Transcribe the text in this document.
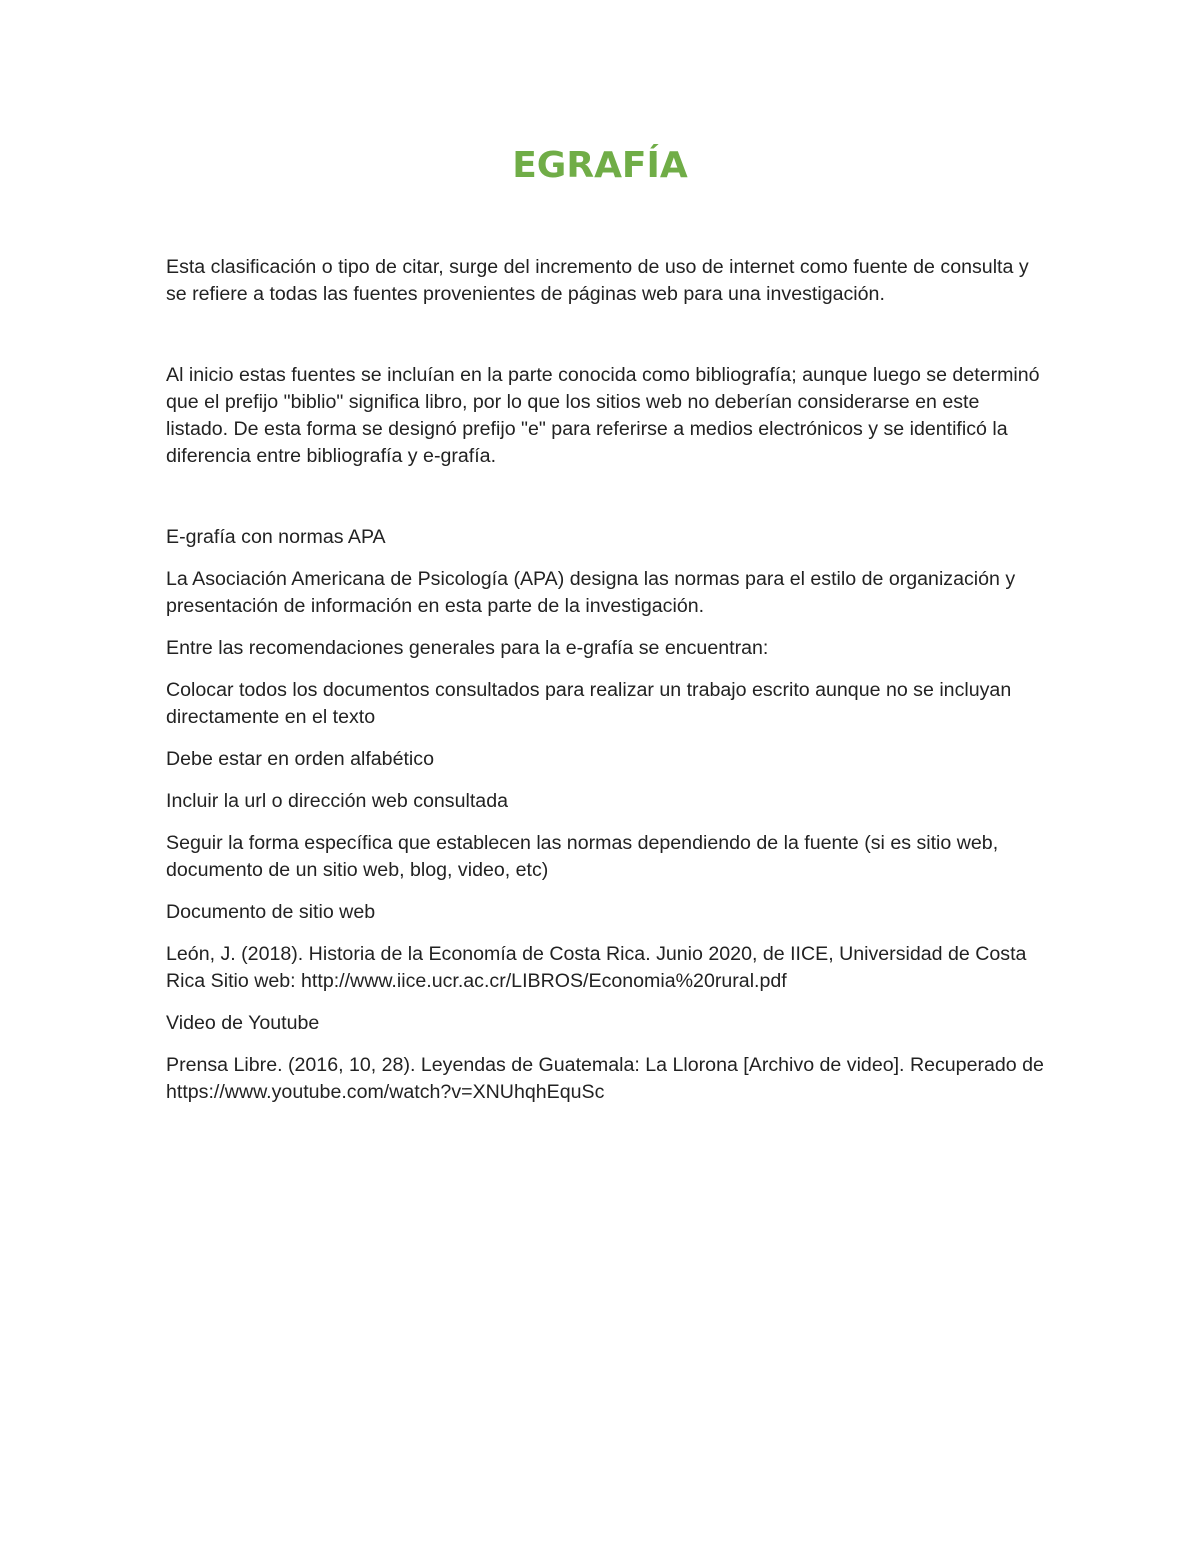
EGRAFÍA

Esta clasificación o tipo de citar, surge del incremento de uso de internet como fuente de consulta y se refiere a todas las fuentes provenientes de páginas web para una investigación.

Al inicio estas fuentes se incluían en la parte conocida como bibliografía; aunque luego se determinó que el prefijo "biblio" significa libro, por lo que los sitios web no deberían considerarse en este listado. De esta forma se designó prefijo "e" para referirse a medios electrónicos y se identificó la diferencia entre bibliografía y e-grafía.

E-grafía con normas APA

La Asociación Americana de Psicología (APA) designa las normas para el estilo de organización y presentación de información en esta parte de la investigación.

Entre las recomendaciones generales para la e-grafía se encuentran:

Colocar todos los documentos consultados para realizar un trabajo escrito aunque no se incluyan directamente en el texto

Debe estar en orden alfabético

Incluir la url o dirección web consultada

Seguir la forma específica que establecen las normas dependiendo de la fuente (si es sitio web, documento de un sitio web, blog, video, etc)

Documento de sitio web

León, J. (2018). Historia de la Economía de Costa Rica. Junio 2020, de IICE, Universidad de Costa Rica Sitio web: http://www.iice.ucr.ac.cr/LIBROS/Economia%20rural.pdf

Video de Youtube

Prensa Libre. (2016, 10, 28). Leyendas de Guatemala: La Llorona [Archivo de video]. Recuperado de https://www.youtube.com/watch?v=XNUhqhEquSc
